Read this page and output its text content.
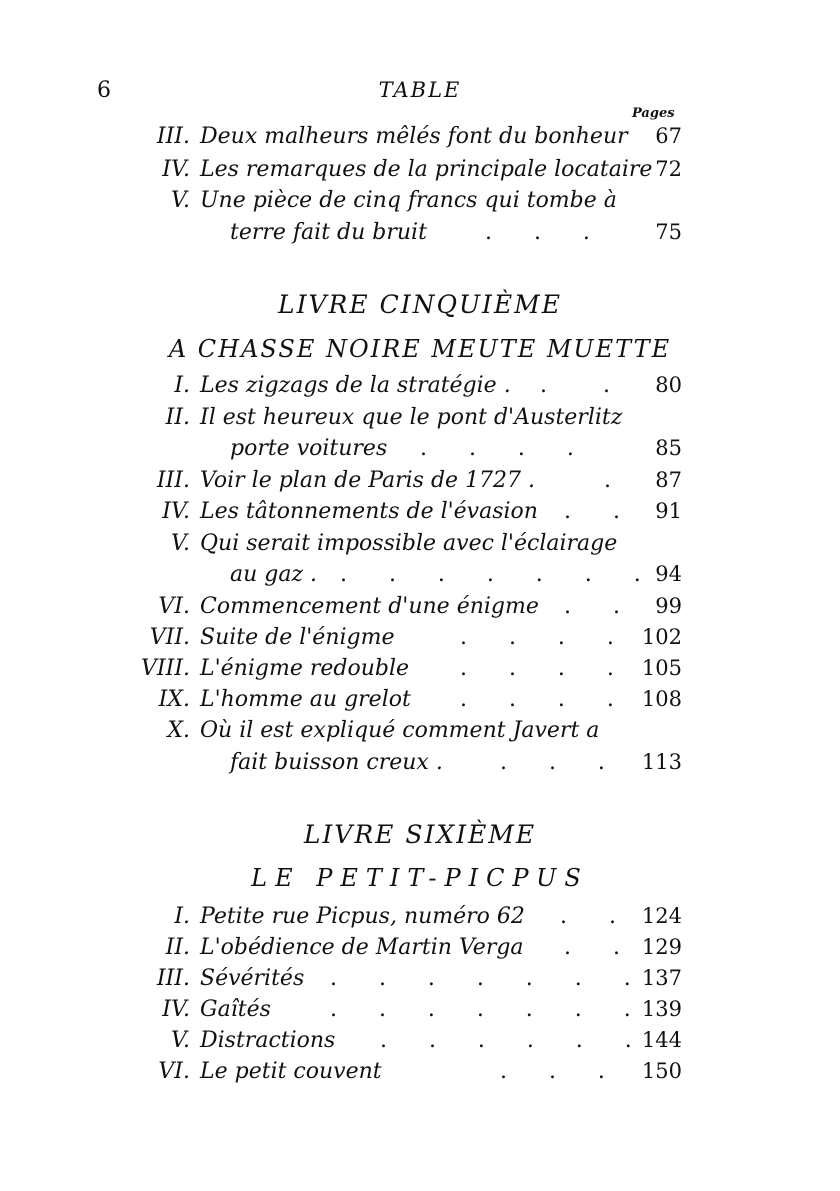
6	TABLE
Pages
III. Deux malheurs mêlés font du bonheur 67
IV. Les remarques de la principale locataire 72
V. Une pièce de cinq francs qui tombe à
terre fait du bruit	.      .      .	75
LIVRE CINQUIÈME
A CHASSE NOIRE MEUTE MUETTE
I. Les zigzags de la stratégie . .        . 80
II. Il est heureux que le pont d'Austerlitz
porte voitures .      .      .      .	85
III. Voir le plan de Paris de 1727 .	. 87
IV. Les tâtonnements de l'évasion .      . 91
V. Qui serait impossible avec l'éclairage
au gaz . .      .      .      .      .      .      . 94
VI. Commencement d'une énigme .      . 99
VII. Suite de l'énigme	.      .      .      . 102
VIII. L'énigme redouble .      .      .      . 105
IX. L'homme au grelot .      .      .      . 108
X. Où il est expliqué comment Javert a
fait buisson creux .	.      .      . 113
LIVRE SIXIÈME
LE PETIT-PICPUS
I. Petite rue Picpus, numéro 62 .      . 124
II. L'obédience de Martin Verga .      . 129
III. Sévérités .      .      .      .      .      .      . 137
IV. Gaîtés	.      .      .      .      .      .      . 139
V. Distractions .      .      .      .      .      . 144
VI. Le petit couvent	.      .      . 150
